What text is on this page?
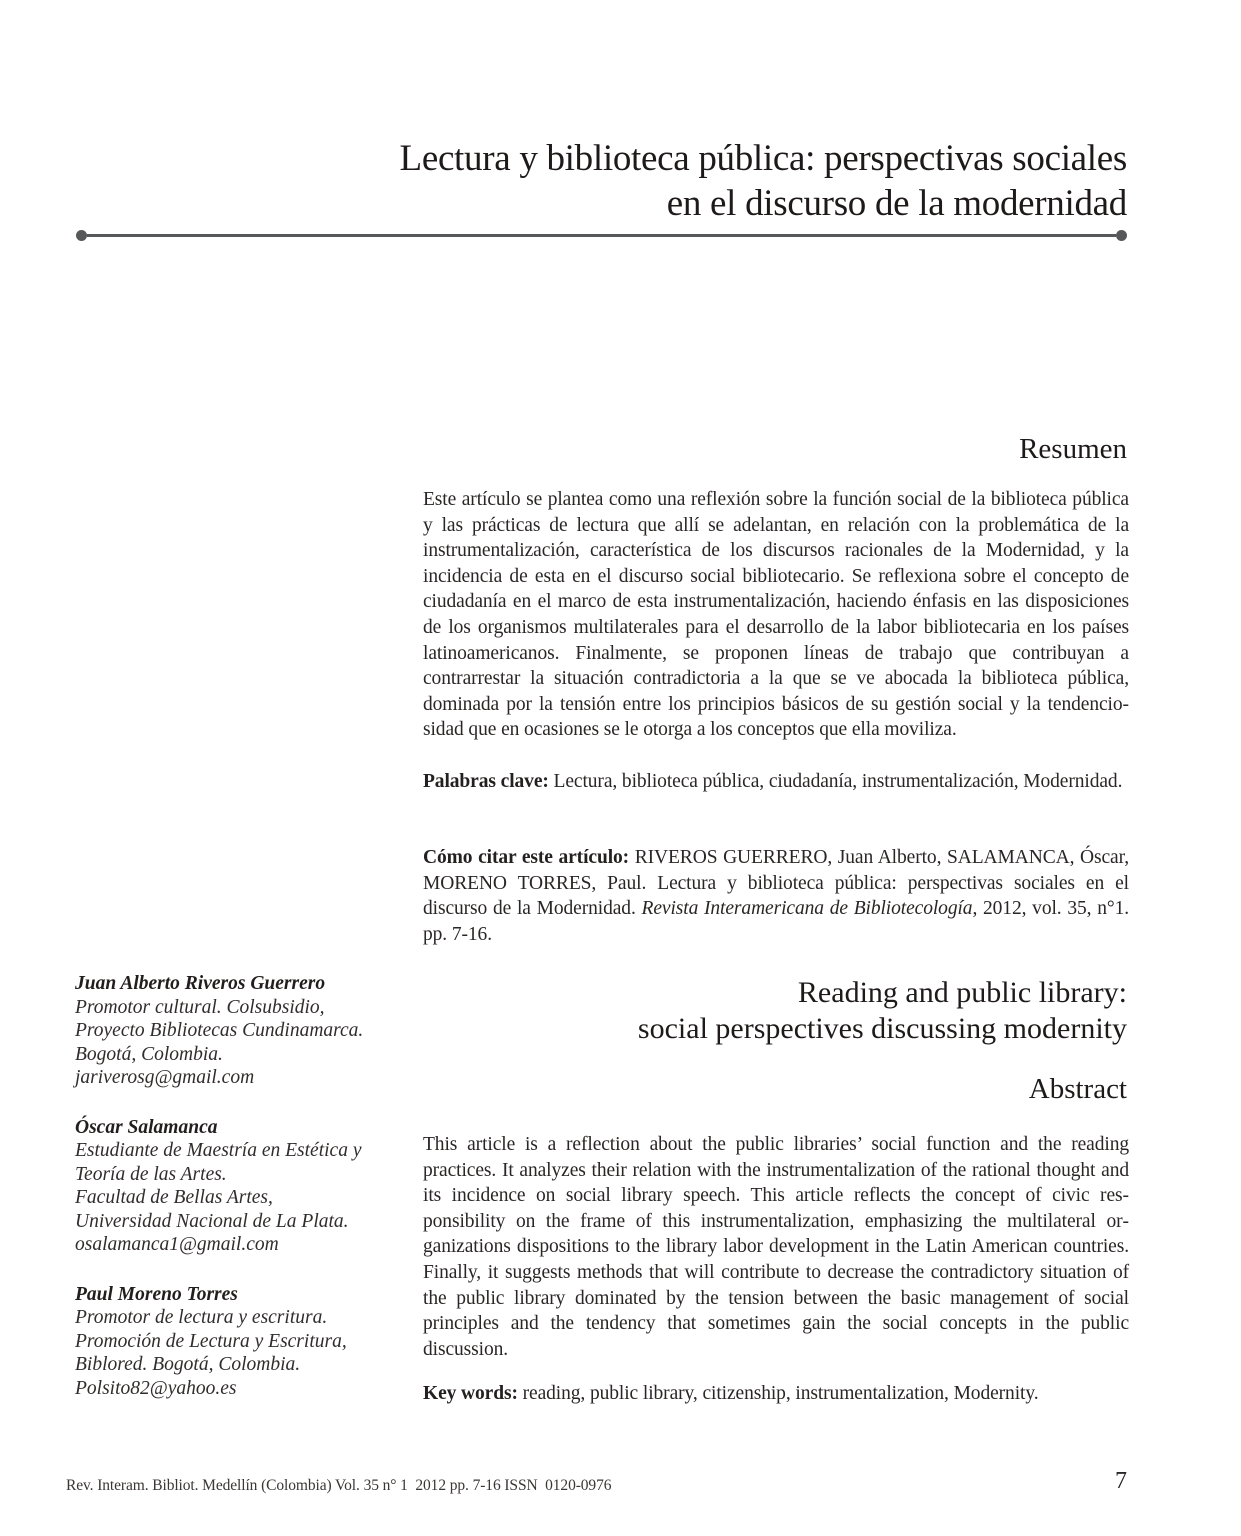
Lectura y biblioteca pública: perspectivas sociales
en el discurso de la modernidad
Resumen

Este artículo se plantea como una reflexión sobre la función social de la biblioteca pública y las prácticas de lectura que allí se adelantan, en relación con la problemática de la instrumentalización, característica de los discursos racionales de la Modernidad, y la incidencia de esta en el discurso social bibliotecario. Se reflexiona sobre el concepto de ciudadanía en el marco de esta instrumentalización, haciendo énfasis en las disposiciones de los organismos multilaterales para el desarrollo de la labor bibliotecaria en los países latinoamericanos. Finalmente, se proponen líneas de trabajo que contribuyan a contrarrestar la situación contradictoria a la que se ve abocada la biblioteca pública, dominada por la tensión entre los principios básicos de su gestión social y la tendenciosidad que en ocasiones se le otorga a los conceptos que ella moviliza.

Palabras clave: Lectura, biblioteca pública, ciudadanía, instrumentalización, Modernidad.

Cómo citar este artículo: RIVEROS GUERRERO, Juan Alberto, SALAMANCA, Óscar, MORENO TORRES, Paul. Lectura y biblioteca pública: perspectivas sociales en el discurso de la Modernidad. Revista Interamericana de Bibliotecología, 2012, vol. 35, n°1. pp. 7-16.

Juan Alberto Riveros Guerrero
Promotor cultural. Colsubsidio,
Proyecto Bibliotecas Cundinamarca.
Bogotá, Colombia.
jariverosg@gmail.com
Óscar Salamanca
Estudiante de Maestría en Estética y
Teoría de las Artes.
Facultad de Bellas Artes,
Universidad Nacional de La Plata.
osalamanca1@gmail.com
Paul Moreno Torres
Promotor de lectura y escritura.
Promoción de Lectura y Escritura,
Biblored. Bogotá, Colombia.
Polsito82@yahoo.es
Reading and public library:
social perspectives discussing modernity
Abstract

This article is a reflection about the public libraries’ social function and the reading practices. It analyzes their relation with the instrumentalization of the rational thought and its incidence on social library speech. This article reflects the concept of civic responsibility on the frame of this instrumentalization, emphasizing the multilateral organizations dispositions to the library labor development in the Latin American countries. Finally, it suggests methods that will contribute to decrease the contradictory situation of the public library dominated by the tension between the basic management of social principles and the tendency that sometimes gain the social concepts in the public discussion.

Key words: reading, public library, citizenship, instrumentalization, Modernity.

Rev. Interam. Bibliot. Medellín (Colombia) Vol. 35 n° 1  2012 pp. 7-16 ISSN  0120-0976	7
